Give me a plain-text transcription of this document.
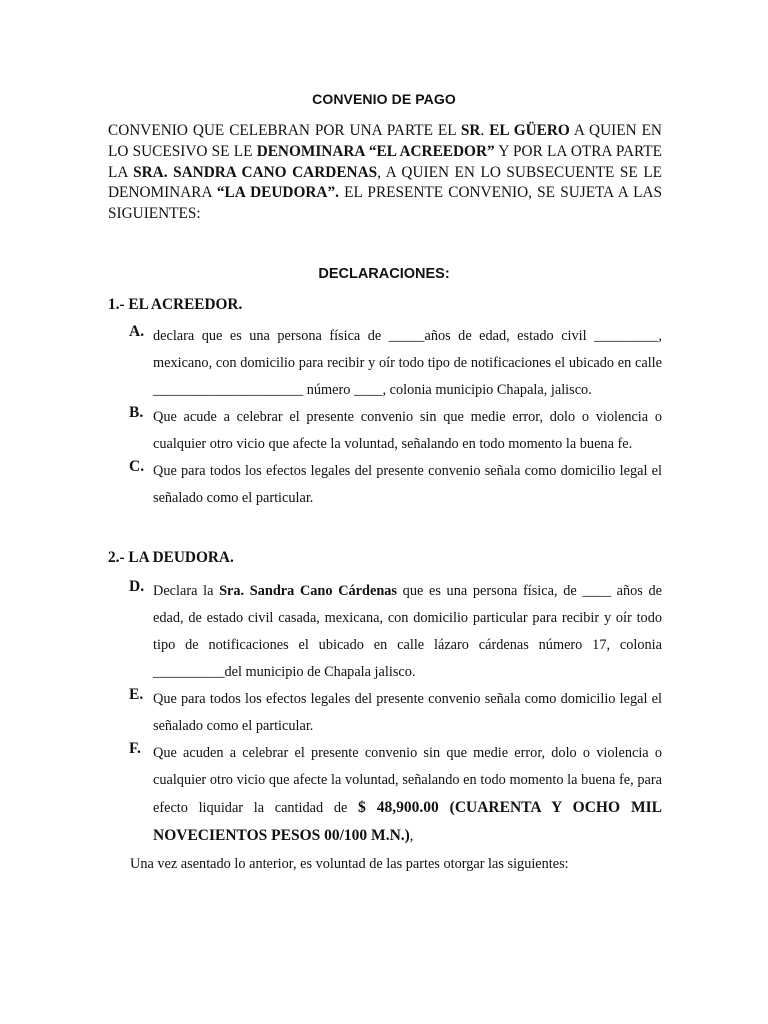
CONVENIO DE PAGO

CONVENIO QUE CELEBRAN POR UNA PARTE EL SR. EL GÜERO A QUIEN EN LO SUCESIVO SE LE DENOMINARA “EL ACREEDOR” Y POR LA OTRA PARTE LA SRA. SANDRA CANO CARDENAS, A QUIEN EN LO SUBSECUENTE SE LE DENOMINARA “LA DEUDORA”. EL PRESENTE CONVENIO, SE SUJETA A LAS SIGUIENTES:

DECLARACIONES:
1.- EL ACREEDOR.
A. declara que es una persona física de _____años de edad, estado civil _________, mexicano, con domicilio para recibir y oír todo tipo de notificaciones el ubicado en calle _____________________ número ____, colonia municipio Chapala, jalisco.
B. Que acude a celebrar el presente convenio sin que medie error, dolo o violencia o cualquier otro vicio que afecte la voluntad, señalando en todo momento la buena fe.
C. Que para todos los efectos legales del presente convenio señala como domicilio legal el señalado como el particular.
2.- LA DEUDORA.
D. Declara la Sra. Sandra Cano Cárdenas que es una persona física, de ____ años de edad, de estado civil casada, mexicana, con domicilio particular para recibir y oír todo tipo de notificaciones el ubicado en calle lázaro cárdenas número 17, colonia __________del municipio de Chapala jalisco.
E. Que para todos los efectos legales del presente convenio señala como domicilio legal el señalado como el particular.
F. Que acuden a celebrar el presente convenio sin que medie error, dolo o violencia o cualquier otro vicio que afecte la voluntad, señalando en todo momento la buena fe, para efecto liquidar la cantidad de $ 48,900.00 (CUARENTA Y OCHO MIL NOVECIENTOS PESOS 00/100 M.N.),
Una vez asentado lo anterior, es voluntad de las partes otorgar las siguientes:
